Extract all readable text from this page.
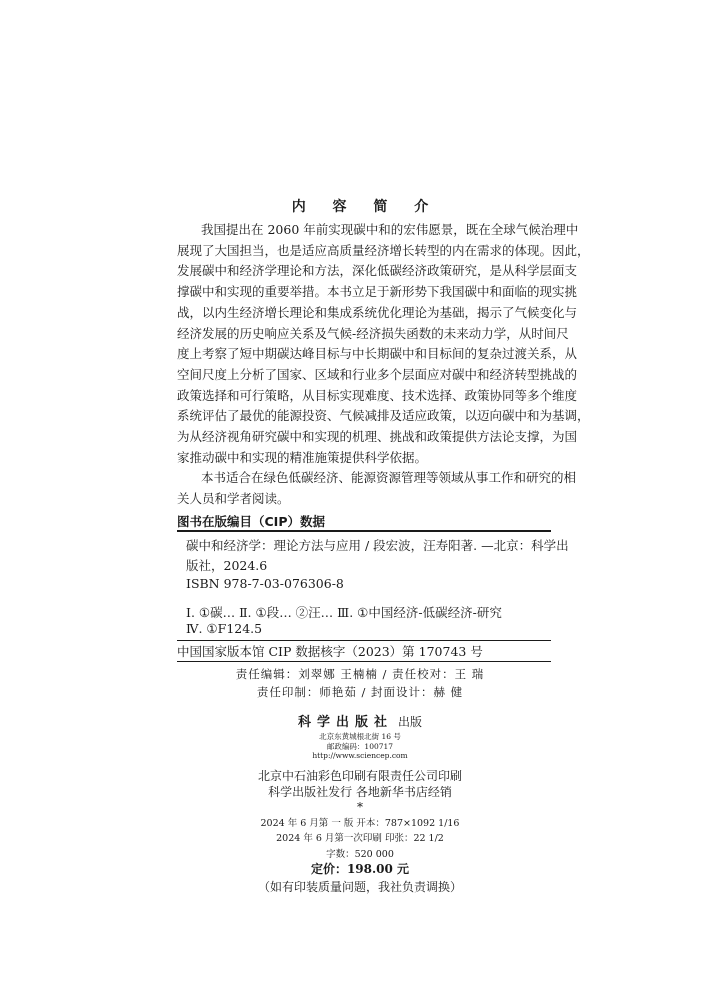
内 容 简 介
我国提出在 2060 年前实现碳中和的宏伟愿景，既在全球气候治理中
展现了大国担当，也是适应高质量经济增长转型的内在需求的体现。因此，
发展碳中和经济学理论和方法，深化低碳经济政策研究，是从科学层面支
撑碳中和实现的重要举措。本书立足于新形势下我国碳中和面临的现实挑
战，以内生经济增长理论和集成系统优化理论为基础，揭示了气候变化与
经济发展的历史响应关系及气候-经济损失函数的未来动力学，从时间尺
度上考察了短中期碳达峰目标与中长期碳中和目标间的复杂过渡关系，从
空间尺度上分析了国家、区域和行业多个层面应对碳中和经济转型挑战的
政策选择和可行策略，从目标实现难度、技术选择、政策协同等多个维度
系统评估了最优的能源投资、气候减排及适应政策，以迈向碳中和为基调，
为从经济视角研究碳中和实现的机理、挑战和政策提供方法论支撑，为国
家推动碳中和实现的精准施策提供科学依据。
本书适合在绿色低碳经济、能源资源管理等领域从事工作和研究的相
关人员和学者阅读。
图书在版编目（CIP）数据
碳中和经济学：理论方法与应用 / 段宏波，汪寿阳著. —北京：科学出
版社，2024.6
ISBN 978-7-03-076306-8
Ⅰ. ①碳… Ⅱ. ①段… ②汪… Ⅲ. ①中国经济-低碳经济-研究
Ⅳ. ①F124.5
中国国家版本馆 CIP 数据核字（2023）第 170743 号
责任编辑：刘翠娜 王楠楠 / 责任校对：王 瑞
责任印制：师艳茹 / 封面设计：赫 健
科学出版社 出版
北京东黄城根北街 16 号
邮政编码：100717
http://www.sciencep.com
北京中石油彩色印刷有限责任公司印刷
科学出版社发行 各地新华书店经销
*
2024 年 6 月第 一 版 开本：787×1092 1/16
2024 年 6 月第一次印刷 印张：22 1/2
字数：520 000
定价：198.00 元
（如有印装质量问题，我社负责调换）
